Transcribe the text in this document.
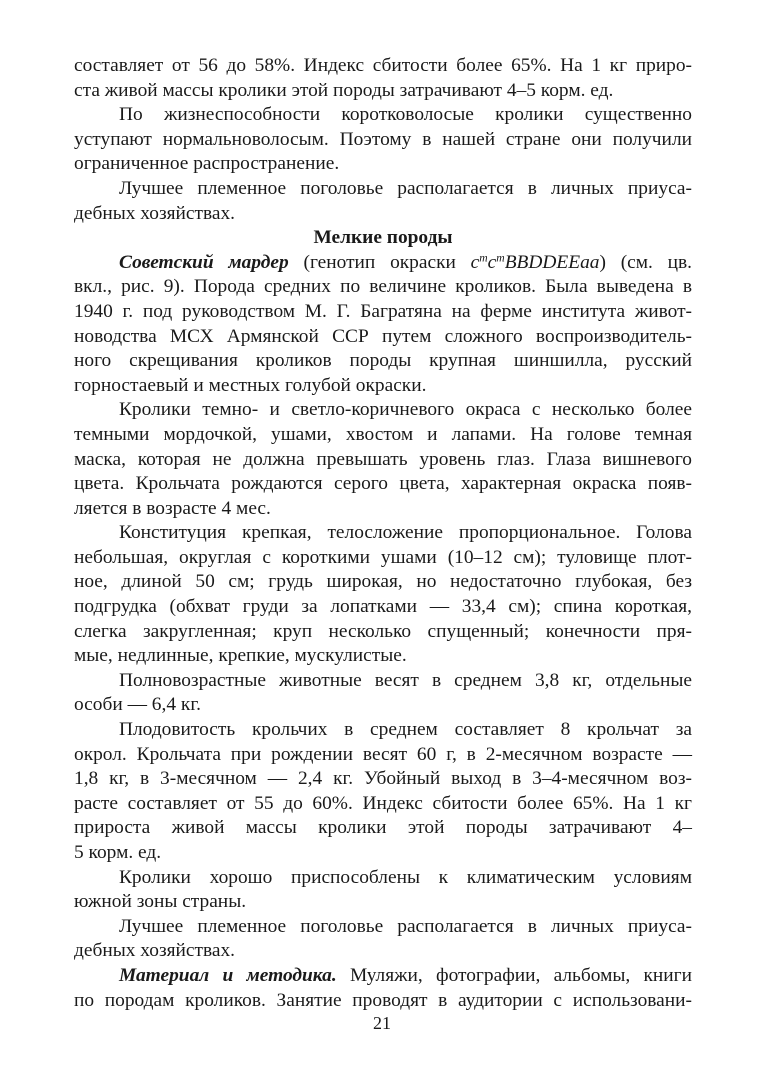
составляет от 56 до 58%. Индекс сбитости более 65%. На 1 кг приро-
ста живой массы кролики этой породы затрачивают 4–5 корм. ед.
По жизнеспособности коротковолосые кролики существенно
уступают нормальноволосым. Поэтому в нашей стране они получили
ограниченное распространение.
Лучшее племенное поголовье располагается в личных приуса-
дебных хозяйствах.
Мелкие породы
Советский мардер (генотип окраски $c^mc^mBBDDEEaa$) (см. цв.
вкл., рис. 9). Порода средних по величине кроликов. Была выведена в
1940 г. под руководством М. Г. Багратяна на ферме института живот-
новодства МСХ Армянской ССР путем сложного воспроизводитель-
ного скрещивания кроликов породы крупная шиншилла, русский
горностаевый и местных голубой окраски.
Кролики темно- и светло-коричневого окраса с несколько более
темными мордочкой, ушами, хвостом и лапами. На голове темная
маска, которая не должна превышать уровень глаз. Глаза вишневого
цвета. Крольчата рождаются серого цвета, характерная окраска появ-
ляется в возрасте 4 мес.
Конституция крепкая, телосложение пропорциональное. Голова
небольшая, округлая с короткими ушами (10–12 см); туловище плот-
ное, длиной 50 см; грудь широкая, но недостаточно глубокая, без
подгрудка (обхват груди за лопатками — 33,4 см); спина короткая,
слегка закругленная; круп несколько спущенный; конечности пря-
мые, недлинные, крепкие, мускулистые.
Полновозрастные животные весят в среднем 3,8 кг, отдельные
особи — 6,4 кг.
Плодовитость крольчих в среднем составляет 8 крольчат за
окрол. Крольчата при рождении весят 60 г, в 2-месячном возрасте —
1,8 кг, в 3-месячном — 2,4 кг. Убойный выход в 3–4-месячном воз-
расте составляет от 55 до 60%. Индекс сбитости более 65%. На 1 кг
прироста живой массы кролики этой породы затрачивают 4–
5 корм. ед.
Кролики хорошо приспособлены к климатическим условиям
южной зоны страны.
Лучшее племенное поголовье располагается в личных приуса-
дебных хозяйствах.
Материал и методика. Муляжи, фотографии, альбомы, книги
по породам кроликов. Занятие проводят в аудитории с использовани-
21
